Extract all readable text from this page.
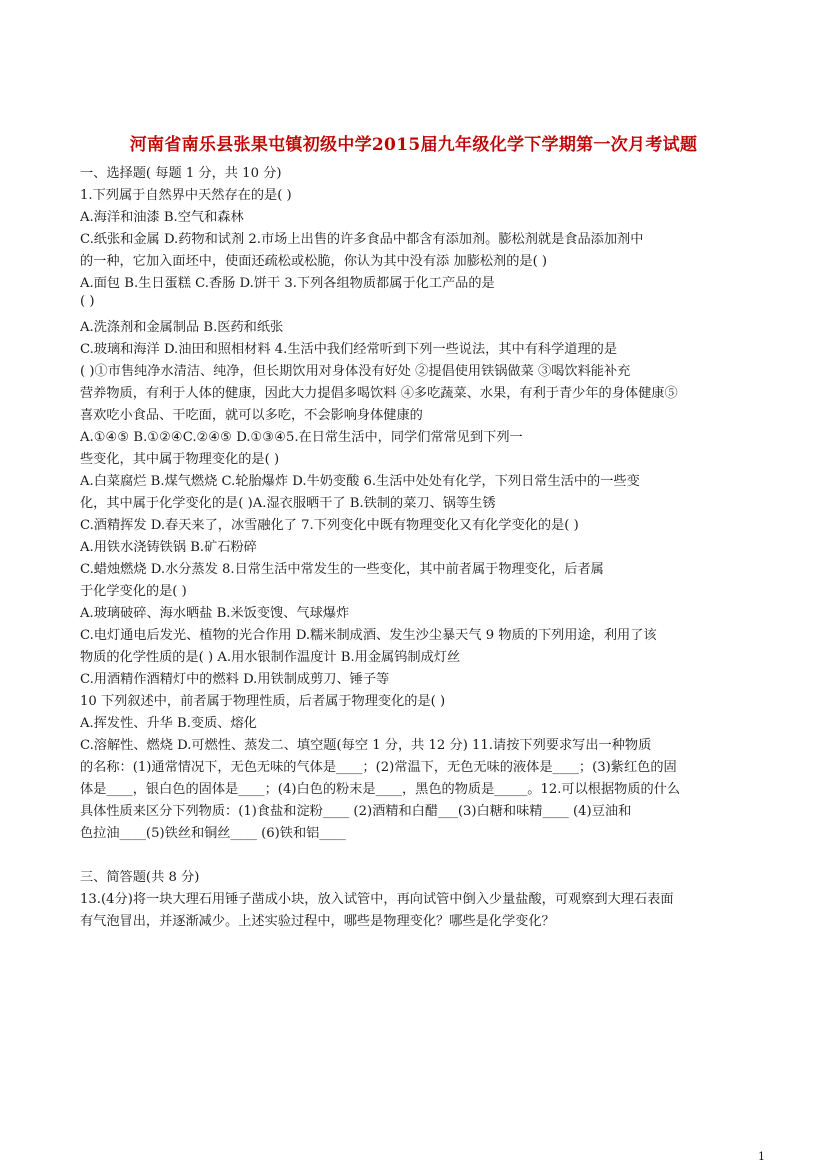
河南省南乐县张果屯镇初级中学2015届九年级化学下学期第一次月考试题
一、选择题( 每题 1 分，共 10 分)
1.下列属于自然界中天然存在的是( )
A.海洋和油漆 B.空气和森林
C.纸张和金属 D.药物和试剂 2.市场上出售的许多食品中都含有添加剂。膨松剂就是食品添加剂中
的一种，它加入面坯中，使面还疏松或松脆，你认为其中没有添 加膨松剂的是( )
A.面包 B.生日蛋糕 C.香肠 D.饼干 3.下列各组物质都属于化工产品的是
( )
A.洗涤剂和金属制品 B.医药和纸张
C.玻璃和海洋 D.油田和照相材料 4.生活中我们经常听到下列一些说法，其中有科学道理的是
( )①市售纯净水清洁、纯净，但长期饮用对身体没有好处 ②提倡使用铁锅做菜 ③喝饮料能补充
营养物质，有利于人体的健康，因此大力提倡多喝饮料 ④多吃蔬菜、水果，有利于青少年的身体健康⑤
喜欢吃小食品、干吃面，就可以多吃，不会影响身体健康的
A.①④⑤ B.①②④C.②④⑤ D.①③④5.在日常生活中，同学们常常见到下列一
些变化，其中属于物理变化的是( )
A.白菜腐烂 B.煤气燃烧 C.轮胎爆炸 D.牛奶变酸 6.生活中处处有化学，下列日常生活中的一些变
化，其中属于化学变化的是( )A.湿衣服晒干了 B.铁制的菜刀、锅等生锈
C.酒精挥发 D.春天来了，冰雪融化了 7.下列变化中既有物理变化又有化学变化的是( )
A.用铁水浇铸铁锅 B.矿石粉碎
C.蜡烛燃烧 D.水分蒸发 8.日常生活中常发生的一些变化，其中前者属于物理变化，后者属
于化学变化的是( )
A.玻璃破碎、海水晒盐 B.米饭变馊、气球爆炸
C.电灯通电后发光、植物的光合作用 D.糯米制成酒、发生沙尘暴天气 9 物质的下列用途，利用了该
物质的化学性质的是( ) A.用水银制作温度计 B.用金属钨制成灯丝
C.用酒精作酒精灯中的燃料 D.用铁制成剪刀、锤子等
10 下列叙述中，前者属于物理性质，后者属于物理变化的是( )
A.挥发性、升华 B.变质、熔化
C.溶解性、燃烧 D.可燃性、蒸发二、填空题(每空 1 分，共 12 分) 11.请按下列要求写出一种物质
的名称：(1)通常情况下，无色无味的气体是____；(2)常温下，无色无味的液体是____；(3)紫红色的固
体是____，银白色的固体是____；(4)白色的粉末是____，黑色的物质是_____。12.可以根据物质的什么
具体性质来区分下列物质：(1)食盐和淀粉____ (2)酒精和白醋___(3)白糖和味精____ (4)豆油和
色拉油____(5)铁丝和铜丝____ (6)铁和铝____
三、简答题(共 8 分)
13.(4分)将一块大理石用锤子凿成小块，放入试管中，再向试管中倒入少量盐酸，可观察到大理石表面
有气泡冒出，并逐渐减少。上述实验过程中，哪些是物理变化？哪些是化学变化？
1
